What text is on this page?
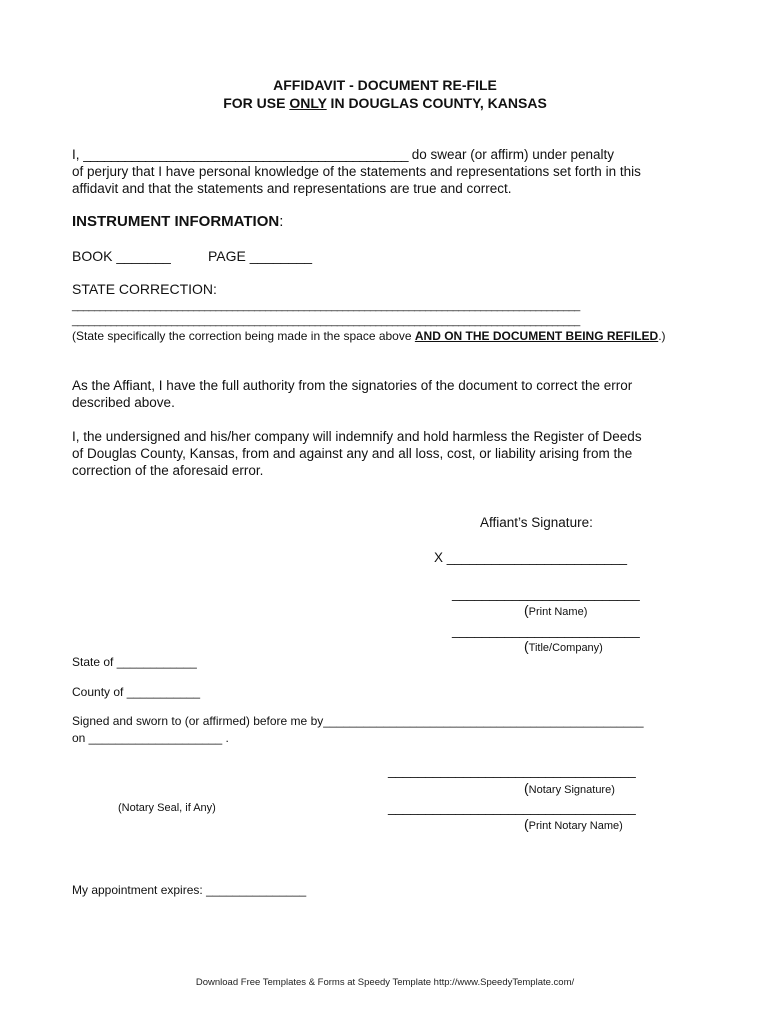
AFFIDAVIT - DOCUMENT RE-FILE
FOR USE ONLY IN DOUGLAS COUNTY, KANSAS
I, _______________________________________________ do swear (or affirm) under penalty
of perjury that I have personal knowledge of the statements and representations set forth in this
affidavit and that the statements and representations are true and correct.
INSTRUMENT INFORMATION:
BOOK _______	PAGE ________
STATE CORRECTION:
____________________________________________________________________________________________
____________________________________________________________________________________________
(State specifically the correction being made in the space above AND ON THE DOCUMENT BEING REFILED.)
As the Affiant, I have the full authority from the signatories of the document to correct the error
described above.
I, the undersigned and his/her company will indemnify and hold harmless the Register of Deeds
of Douglas County, Kansas, from and against any and all loss, cost, or liability arising from the
correction of the aforesaid error.
Affiant’s Signature:
X ________________________
_________________________
(Print Name)
_________________________
(Title/Company)
State of ____________
County of ___________
Signed and sworn to (or affirmed) before me by________________________________________________
on ____________________ .
_________________________________
(Notary Signature)
(Notary Seal, if Any)	_________________________________
(Print Notary Name)
My appointment expires: _______________
Download Free Templates & Forms at Speedy Template http://www.SpeedyTemplate.com/
